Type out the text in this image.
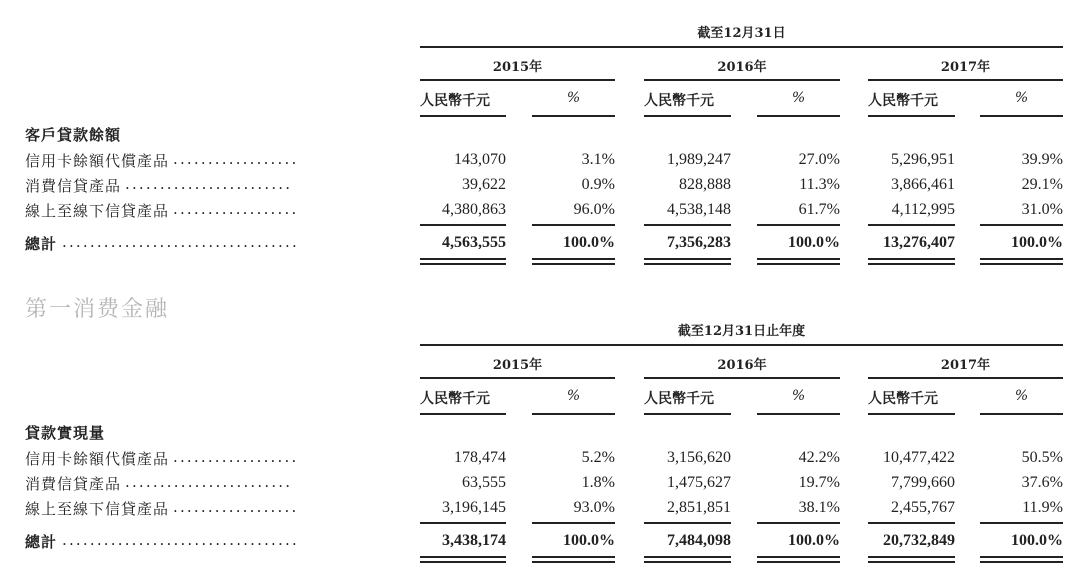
截至12月31日
2015年	2016年	2017年
人民幣千元	%	人民幣千元	%	人民幣千元	%
客戶貸款餘額
信用卡餘額代償產品 ..................	143,070	3.1%	1,989,247	27.0%	5,296,951	39.9%
消費信貸產品 ........................	39,622	0.9%	828,888	11.3%	3,866,461	29.1%
線上至線下信貸產品 ..................	4,380,863	96.0%	4,538,148	61.7%	4,112,995	31.0%
總計 ..................................	4,563,555	100.0%	7,356,283	100.0%	13,276,407	100.0%
截至12月31日止年度
2015年	2016年	2017年
人民幣千元	%	人民幣千元	%	人民幣千元	%
貸款實現量
信用卡餘額代償產品 ..................	178,474	5.2%	3,156,620	42.2%	10,477,422	50.5%
消費信貸產品 ........................	63,555	1.8%	1,475,627	19.7%	7,799,660	37.6%
線上至線下信貸產品 ..................	3,196,145	93.0%	2,851,851	38.1%	2,455,767	11.9%
總計 ..................................	3,438,174	100.0%	7,484,098	100.0%	20,732,849	100.0%
第一消费金融
